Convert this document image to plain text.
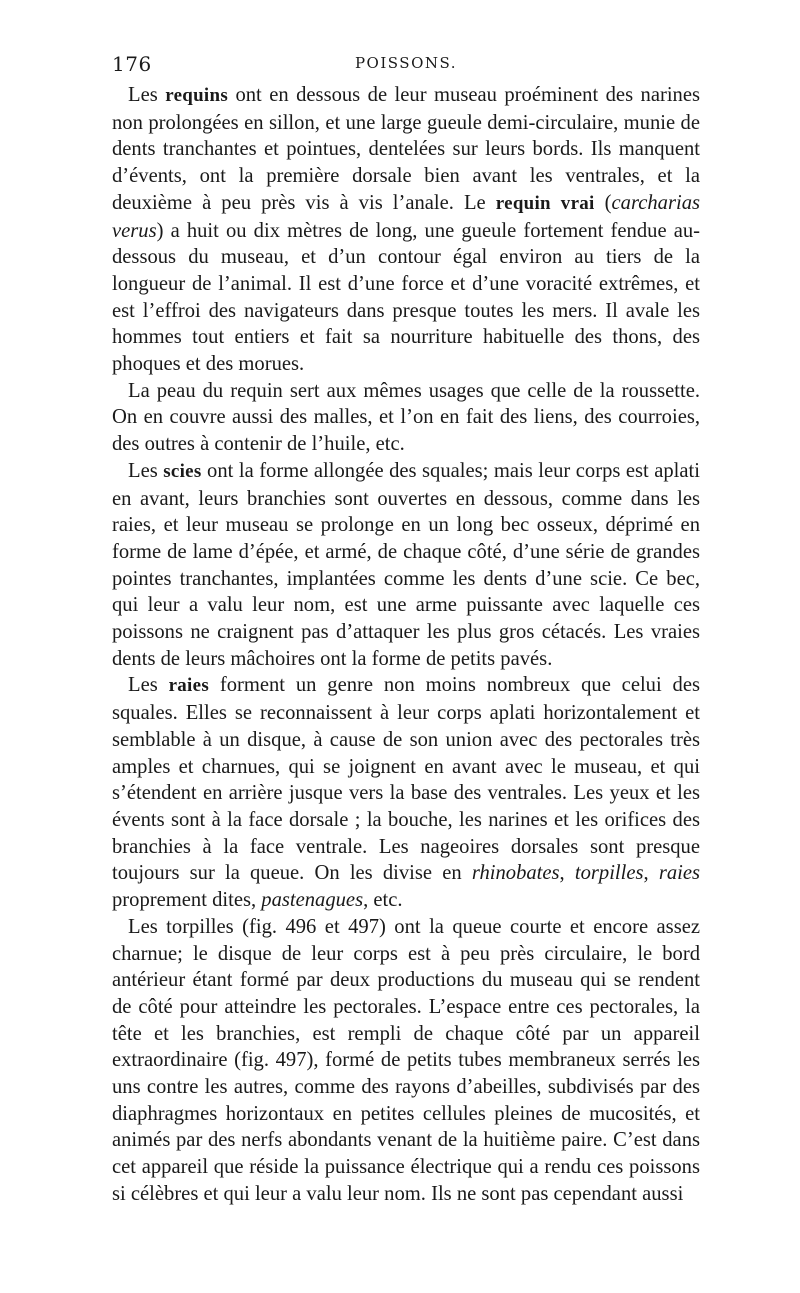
176	POISSONS.

Les requins ont en dessous de leur museau proéminent des narines non prolongées en sillon, et une large gueule demi-circulaire, munie de dents tranchantes et pointues, dentelées sur leurs bords. Ils manquent d’évents, ont la première dorsale bien avant les ventrales, et la deuxième à peu près vis à vis l’anale. Le requin vrai (carcharias verus) a huit ou dix mètres de long, une gueule fortement fendue au-dessous du museau, et d’un contour égal environ au tiers de la longueur de l’animal. Il est d’une force et d’une voracité extrêmes, et est l’effroi des navigateurs dans presque toutes les mers. Il avale les hommes tout entiers et fait sa nourriture habituelle des thons, des phoques et des morues.

La peau du requin sert aux mêmes usages que celle de la roussette. On en couvre aussi des malles, et l’on en fait des liens, des courroies, des outres à contenir de l’huile, etc.

Les scies ont la forme allongée des squales; mais leur corps est aplati en avant, leurs branchies sont ouvertes en dessous, comme dans les raies, et leur museau se prolonge en un long bec osseux, déprimé en forme de lame d’épée, et armé, de chaque côté, d’une série de grandes pointes tranchantes, implantées comme les dents d’une scie. Ce bec, qui leur a valu leur nom, est une arme puissante avec laquelle ces poissons ne craignent pas d’attaquer les plus gros cétacés. Les vraies dents de leurs mâchoires ont la forme de petits pavés.

Les raies forment un genre non moins nombreux que celui des squales. Elles se reconnaissent à leur corps aplati horizontalement et semblable à un disque, à cause de son union avec des pectorales très amples et charnues, qui se joignent en avant avec le museau, et qui s’étendent en arrière jusque vers la base des ventrales. Les yeux et les évents sont à la face dorsale ; la bouche, les narines et les orifices des branchies à la face ventrale. Les nageoires dorsales sont presque toujours sur la queue. On les divise en rhinobates, torpilles, raies proprement dites, pastenagues, etc.

Les torpilles (fig. 496 et 497) ont la queue courte et encore assez charnue; le disque de leur corps est à peu près circulaire, le bord antérieur étant formé par deux productions du museau qui se rendent de côté pour atteindre les pectorales. L’espace entre ces pectorales, la tête et les branchies, est rempli de chaque côté par un appareil extraordinaire (fig. 497), formé de petits tubes membraneux serrés les uns contre les autres, comme des rayons d’abeilles, subdivisés par des diaphragmes horizontaux en petites cellules pleines de mucosités, et animés par des nerfs abondants venant de la huitième paire. C’est dans cet appareil que réside la puissance électrique qui a rendu ces poissons si célèbres et qui leur a valu leur nom. Ils ne sont pas cependant aussi
